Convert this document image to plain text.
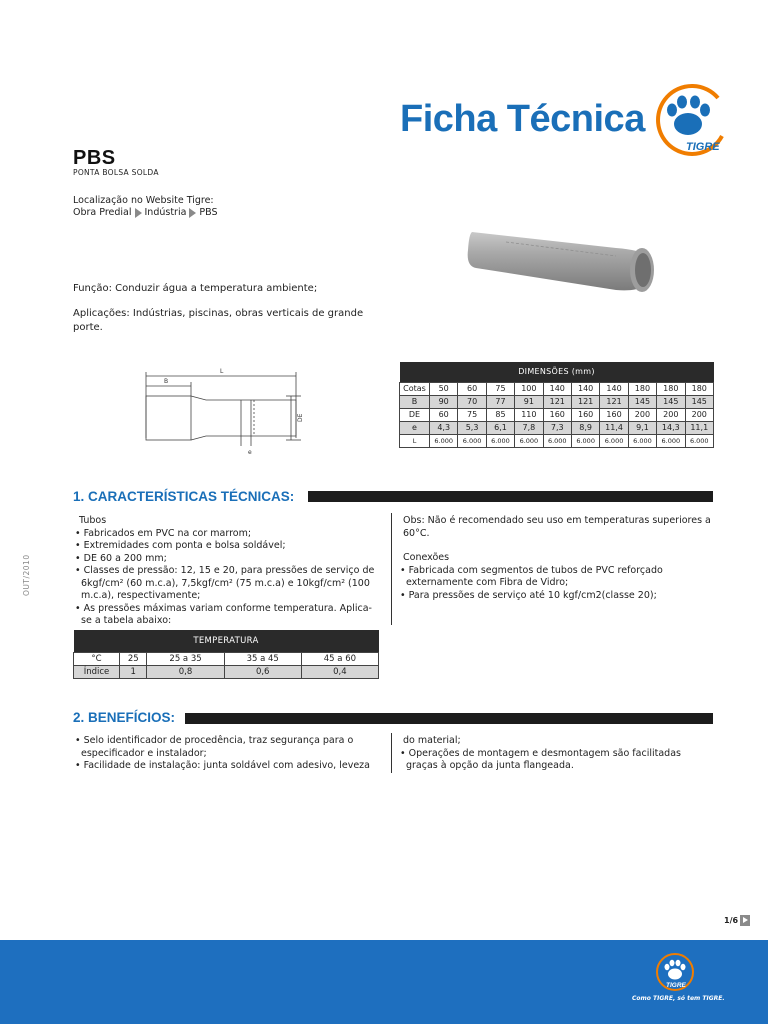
Ficha Técnica
TIGRE
PBS
PONTA BOLSA SOLDA
Localização no Website Tigre:
Obra Predial Indústria PBS
Função: Conduzir água a temperatura ambiente;
Aplicações: Indústrias, piscinas, obras verticais de grande porte.
L
B
DE
e
DIMENSÕES (mm)										
Cotas	50	60	75	100	140	140	140	180	180	180
B	90	70	77	91	121	121	121	145	145	145
DE	60	75	85	110	160	160	160	200	200	200
e	4,3	5,3	6,1	7,8	7,3	8,9	11,4	9,1	14,3	11,1
L	6.000	6.000	6.000	6.000	6.000	6.000	6.000	6.000	6.000	6.000
1. CARACTERÍSTICAS TÉCNICAS:

Tubos

• Fabricados em PVC na cor marrom;

• Extremidades com ponta e bolsa soldável;

• DE 60 a 200 mm;

• Classes de pressão: 12, 15 e 20, para pressões de serviço de 6kgf/cm² (60 m.c.a), 7,5kgf/cm² (75 m.c.a) e 10kgf/cm² (100 m.c.a), respectivamente;

• As pressões máximas variam conforme temperatura. Aplica-se a tabela abaixo:

Obs: Não é recomendado seu uso em temperaturas superiores a 60°C.

Conexões

• Fabricada com segmentos de tubos de PVC reforçado externamente com Fibra de Vidro;

• Para pressões de serviço até 10 kgf/cm2(classe 20);

TEMPERATURA				
°C	25	25 a 35	35 a 45	45 a 60
Índice	1	0,8	0,6	0,4
2. BENEFÍCIOS:

• Selo identificador de procedência, traz segurança para o especificador e instalador;

• Facilidade de instalação: junta soldável com adesivo, leveza

do material;

• Operações de montagem e desmontagem são facilitadas graças à opção da junta flangeada.

OUT/2010
1/6
TIGRE
Como TIGRE, só tem TIGRE.
